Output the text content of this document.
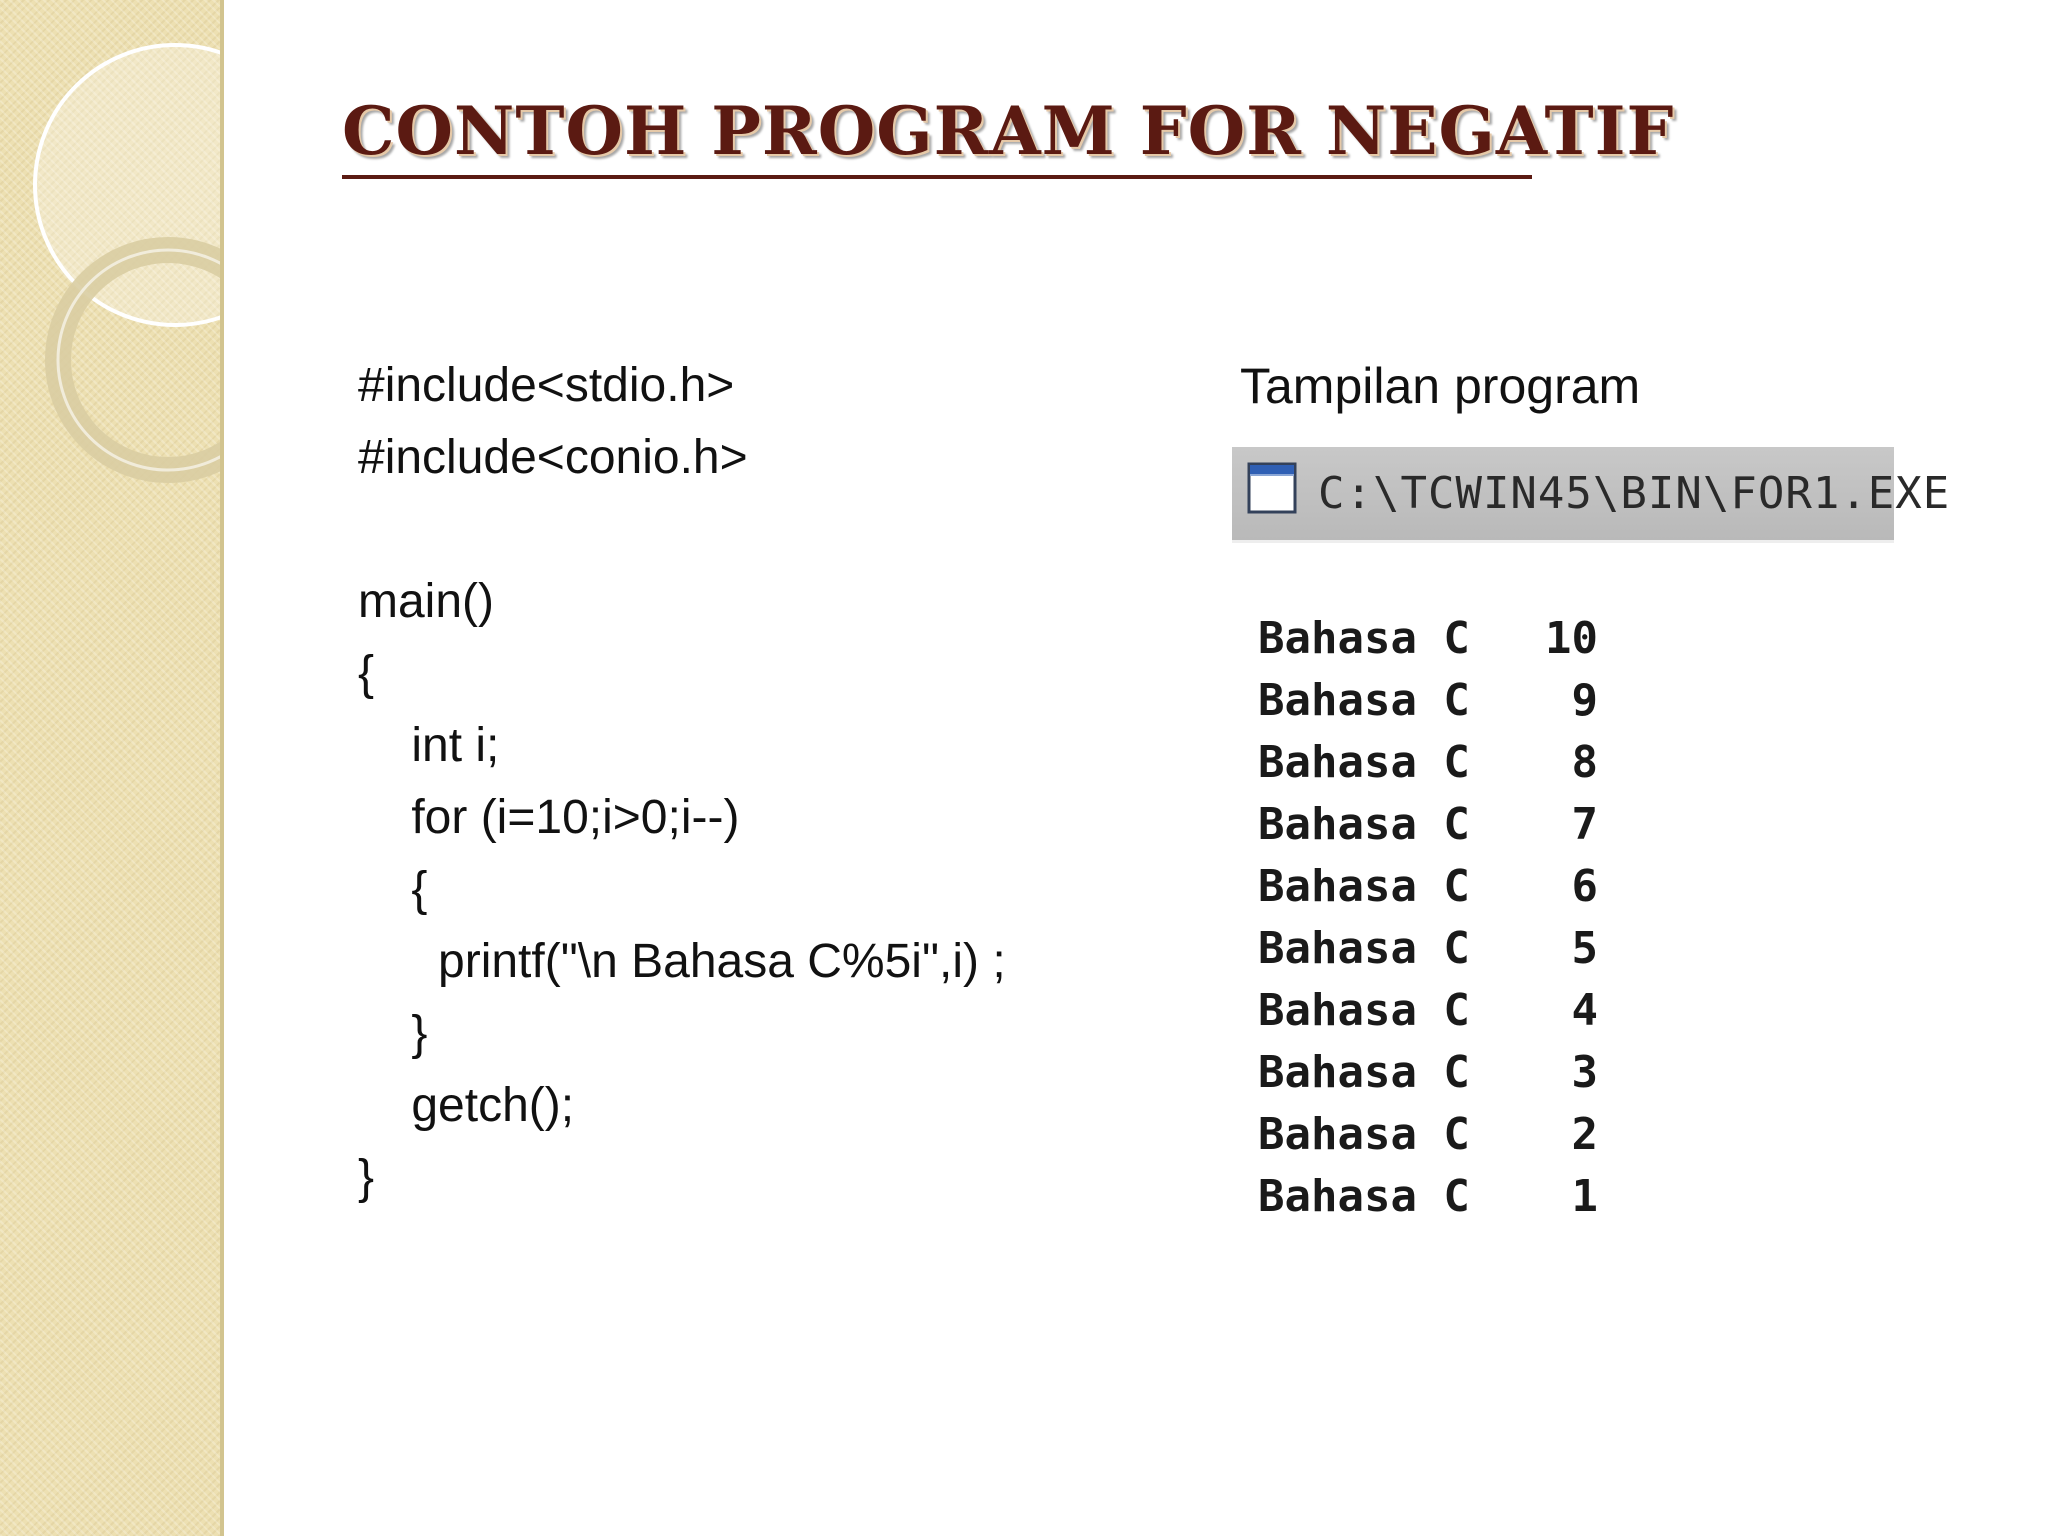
CONTOH PROGRAM FOR NEGATIF
#include<stdio.h>
#include<conio.h>
main()
{
int i;
for (i=10;i>0;i--)
{
printf("\n Bahasa C%5i",i) ;
}
getch();
}
Tampilan program
C:\TCWIN45\BIN\FOR1.EXE
Bahasa C 10
Bahasa C 9
Bahasa C 8
Bahasa C 7
Bahasa C 6
Bahasa C 5
Bahasa C 4
Bahasa C 3
Bahasa C 2
Bahasa C 1
